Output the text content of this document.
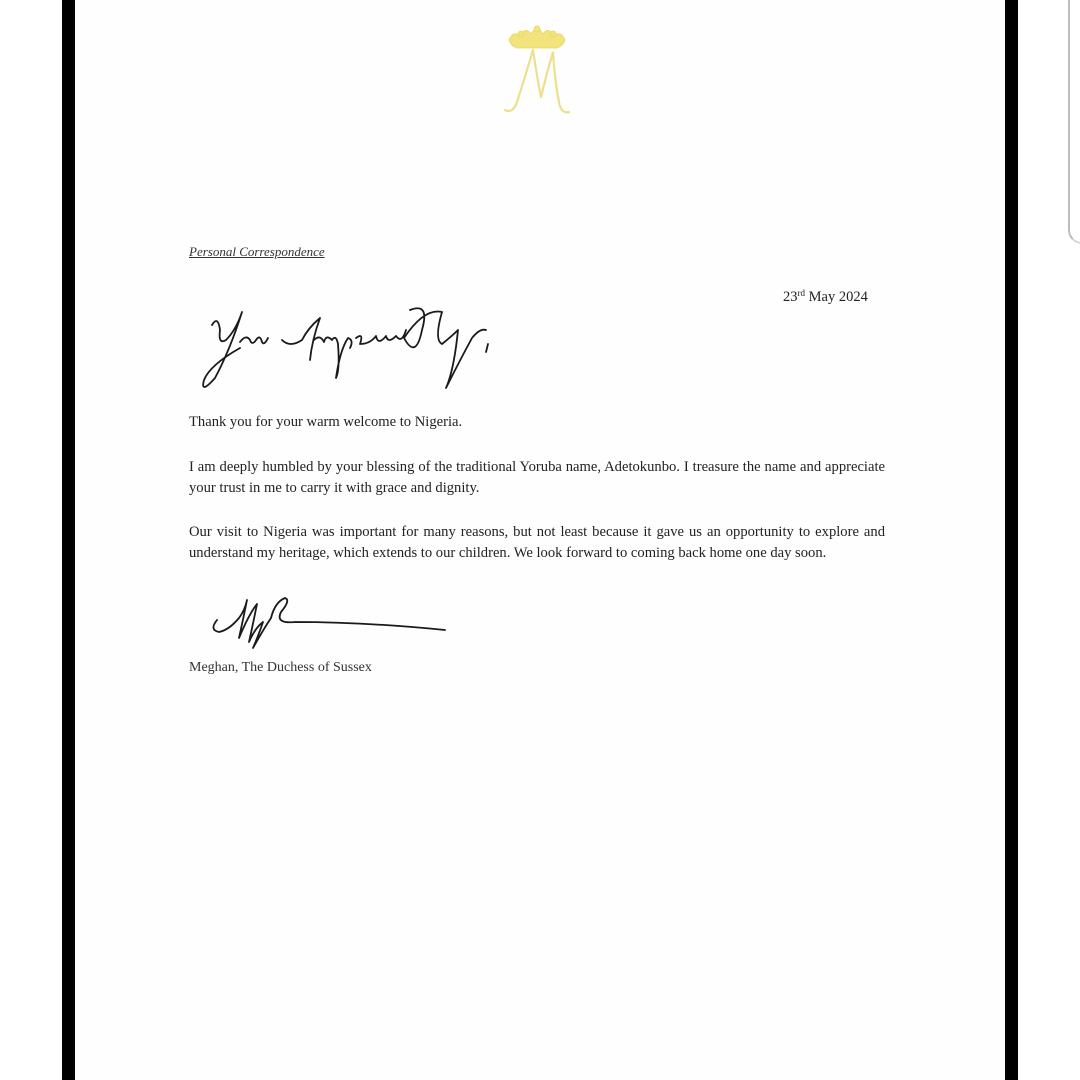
Personal Correspondence
23rd May 2024
Thank you for your warm welcome to Nigeria.
I am deeply humbled by your blessing of the traditional Yoruba name, Adetokunbo. I treasure the name and appreciate your trust in me to carry it with grace and dignity.
Our visit to Nigeria was important for many reasons, but not least because it gave us an opportunity to explore and understand my heritage, which extends to our children. We look forward to coming back home one day soon.
Meghan, The Duchess of Sussex
